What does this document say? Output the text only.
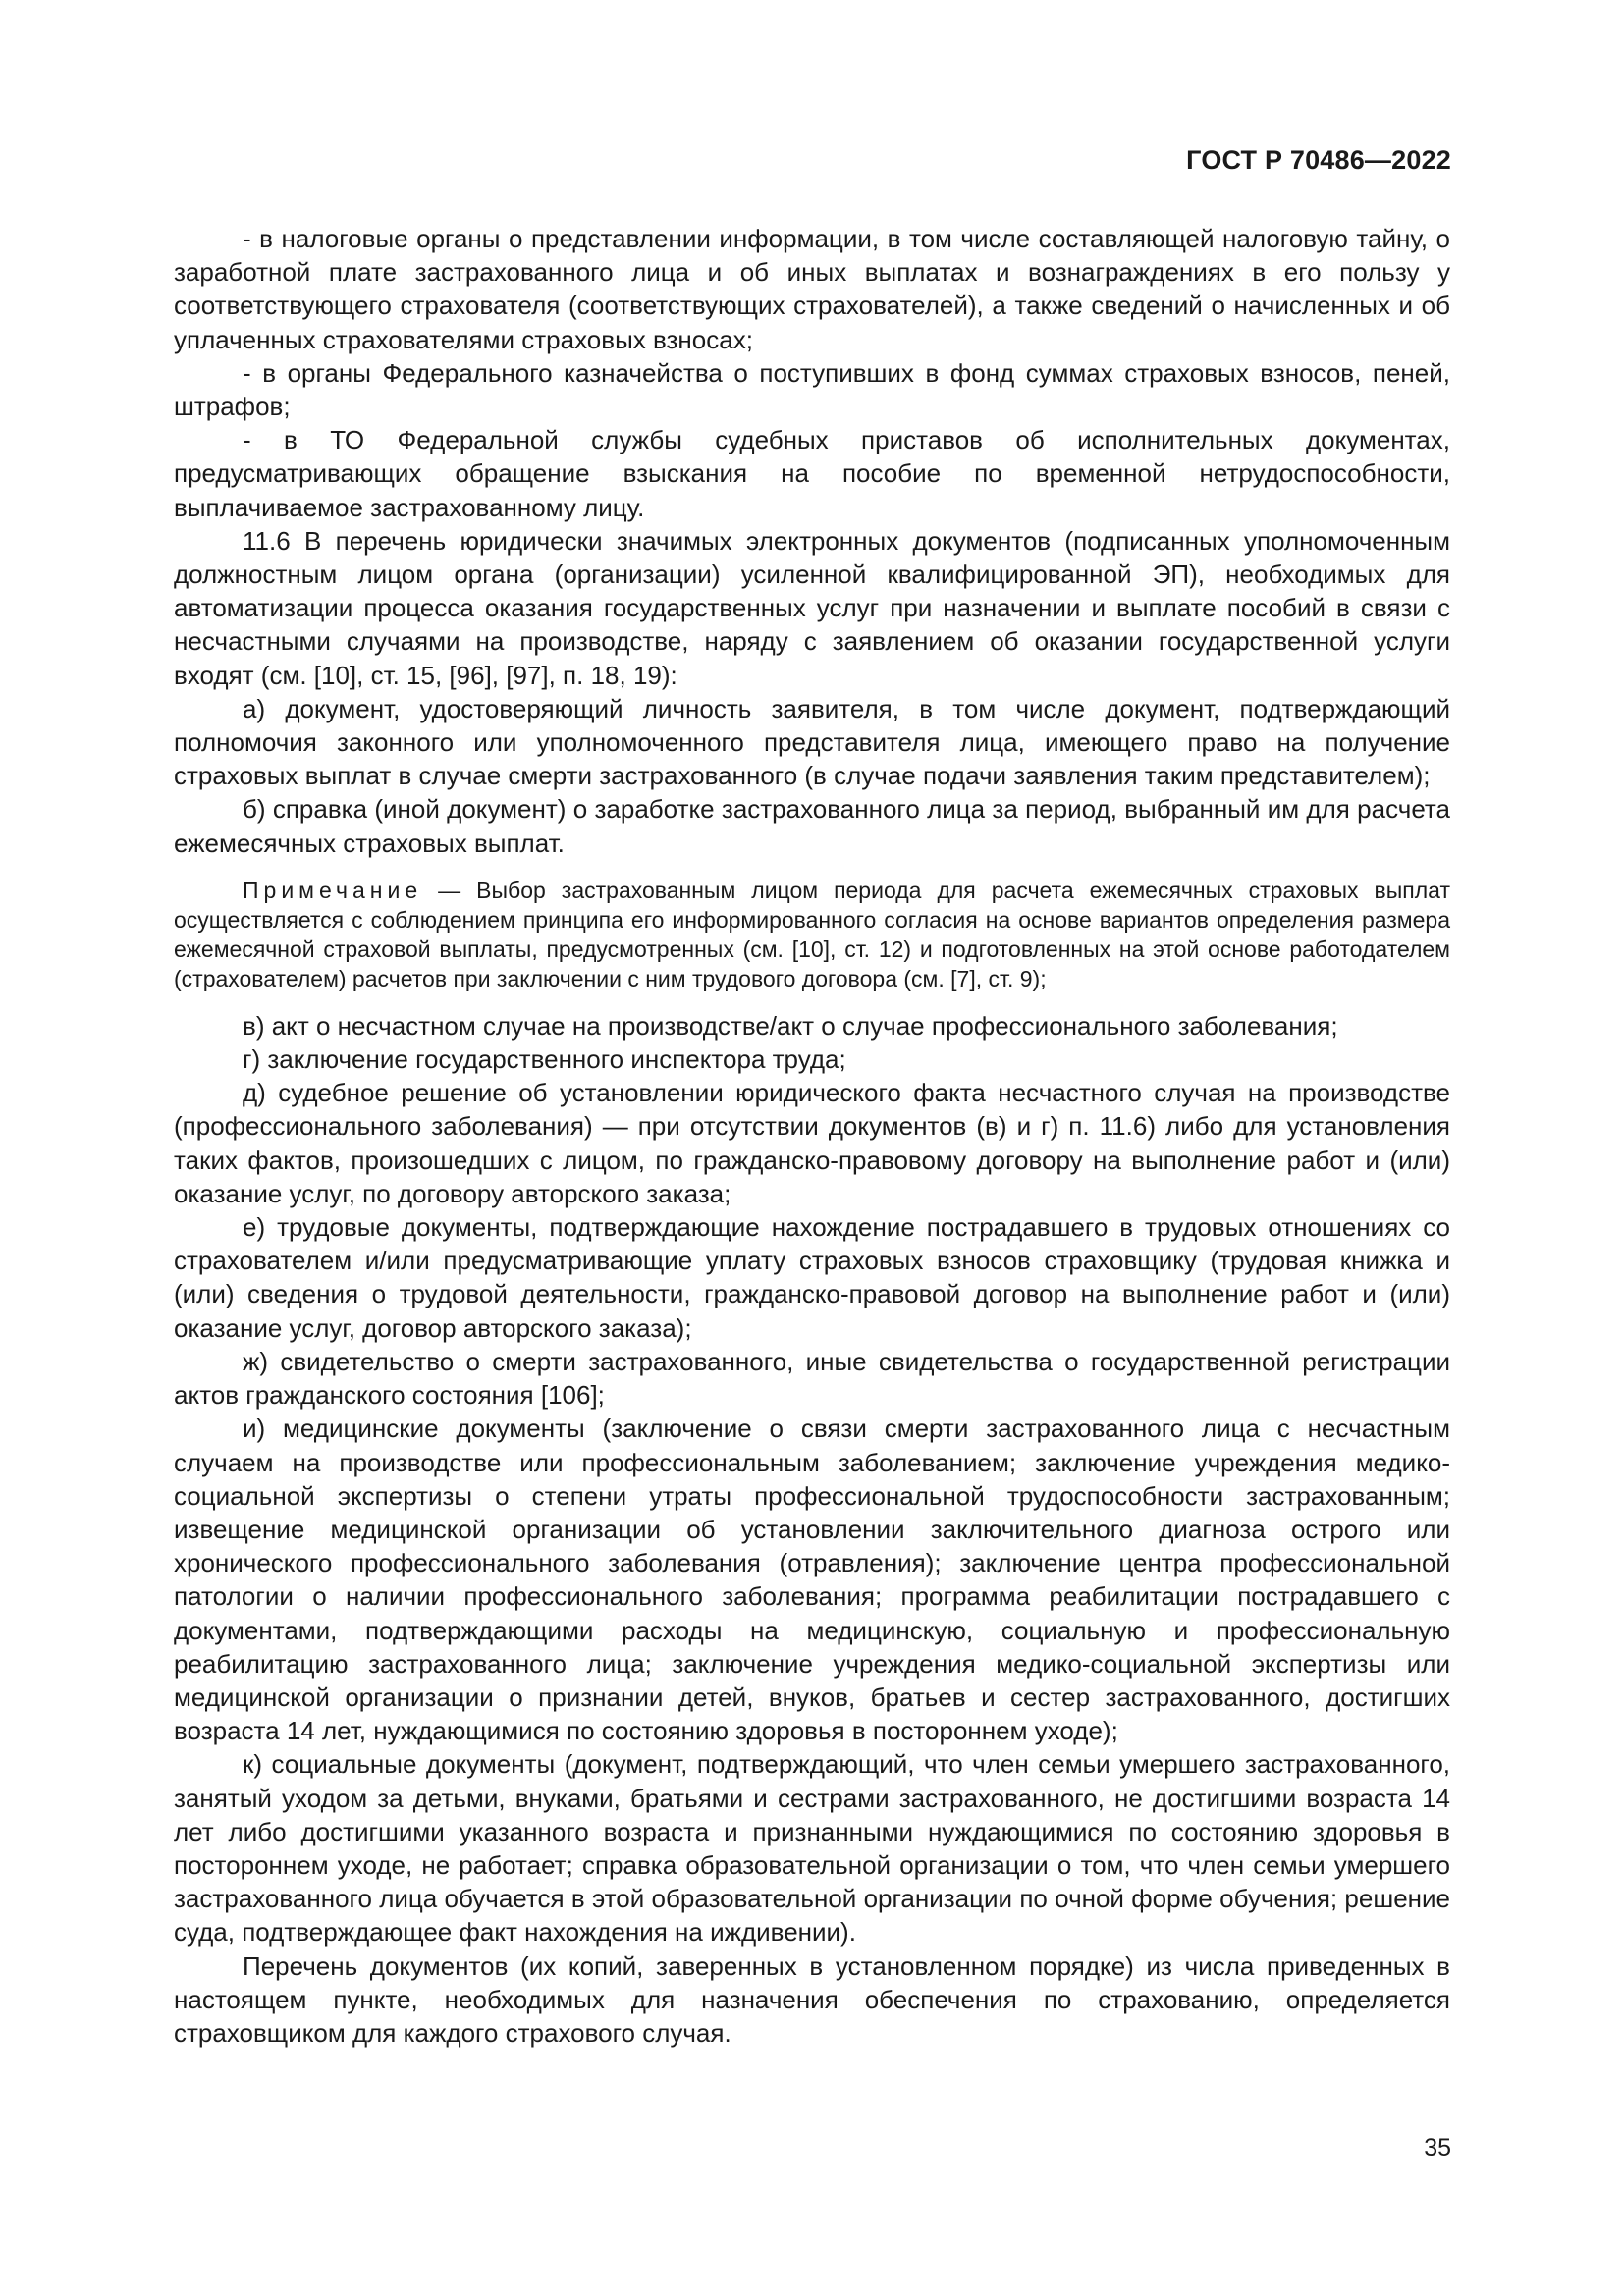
ГОСТ Р 70486—2022

- в налоговые органы о представлении информации, в том числе составляющей налоговую тайну, о заработной плате застрахованного лица и об иных выплатах и вознаграждениях в его пользу у соответствующего страхователя (соответствующих страхователей), а также сведений о начисленных и об уплаченных страхователями страховых взносах;

- в органы Федерального казначейства о поступивших в фонд суммах страховых взносов, пеней, штрафов;

- в ТО Федеральной службы судебных приставов об исполнительных документах, предусматривающих обращение взыскания на пособие по временной нетрудоспособности, выплачиваемое застрахованному лицу.

11.6 В перечень юридически значимых электронных документов (подписанных уполномоченным должностным лицом органа (организации) усиленной квалифицированной ЭП), необходимых для автоматизации процесса оказания государственных услуг при назначении и выплате пособий в связи с несчастными случаями на производстве, наряду с заявлением об оказании государственной услуги входят (см. [10], ст. 15, [96], [97], п. 18, 19):

а) документ, удостоверяющий личность заявителя, в том числе документ, подтверждающий полномочия законного или уполномоченного представителя лица, имеющего право на получение страховых выплат в случае смерти застрахованного (в случае подачи заявления таким представителем);

б) справка (иной документ) о заработке застрахованного лица за период, выбранный им для расчета ежемесячных страховых выплат.

Примечание — Выбор застрахованным лицом периода для расчета ежемесячных страховых выплат осуществляется с соблюдением принципа его информированного согласия на основе вариантов определения размера ежемесячной страховой выплаты, предусмотренных (см. [10], ст. 12) и подготовленных на этой основе работодателем (страхователем) расчетов при заключении с ним трудового договора (см. [7], ст. 9);

в) акт о несчастном случае на производстве/акт о случае профессионального заболевания;

г) заключение государственного инспектора труда;

д) судебное решение об установлении юридического факта несчастного случая на производстве (профессионального заболевания) — при отсутствии документов (в) и г) п. 11.6) либо для установления таких фактов, произошедших с лицом, по гражданско-правовому договору на выполнение работ и (или) оказание услуг, по договору авторского заказа;

е) трудовые документы, подтверждающие нахождение пострадавшего в трудовых отношениях со страхователем и/или предусматривающие уплату страховых взносов страховщику (трудовая книжка и (или) сведения о трудовой деятельности, гражданско-правовой договор на выполнение работ и (или) оказание услуг, договор авторского заказа);

ж) свидетельство о смерти застрахованного, иные свидетельства о государственной регистрации актов гражданского состояния [106];

и) медицинские документы (заключение о связи смерти застрахованного лица с несчастным случаем на производстве или профессиональным заболеванием; заключение учреждения медико-социальной экспертизы о степени утраты профессиональной трудоспособности застрахованным; извещение медицинской организации об установлении заключительного диагноза острого или хронического профессионального заболевания (отравления); заключение центра профессиональной патологии о наличии профессионального заболевания; программа реабилитации пострадавшего с документами, подтверждающими расходы на медицинскую, социальную и профессиональную реабилитацию застрахованного лица; заключение учреждения медико-социальной экспертизы или медицинской организации о признании детей, внуков, братьев и сестер застрахованного, достигших возраста 14 лет, нуждающимися по состоянию здоровья в постороннем уходе);

к) социальные документы (документ, подтверждающий, что член семьи умершего застрахованного, занятый уходом за детьми, внуками, братьями и сестрами застрахованного, не достигшими возраста 14 лет либо достигшими указанного возраста и признанными нуждающимися по состоянию здоровья в постороннем уходе, не работает; справка образовательной организации о том, что член семьи умершего застрахованного лица обучается в этой образовательной организации по очной форме обучения; решение суда, подтверждающее факт нахождения на иждивении).

Перечень документов (их копий, заверенных в установленном порядке) из числа приведенных в настоящем пункте, необходимых для назначения обеспечения по страхованию, определяется страховщиком для каждого страхового случая.

35
